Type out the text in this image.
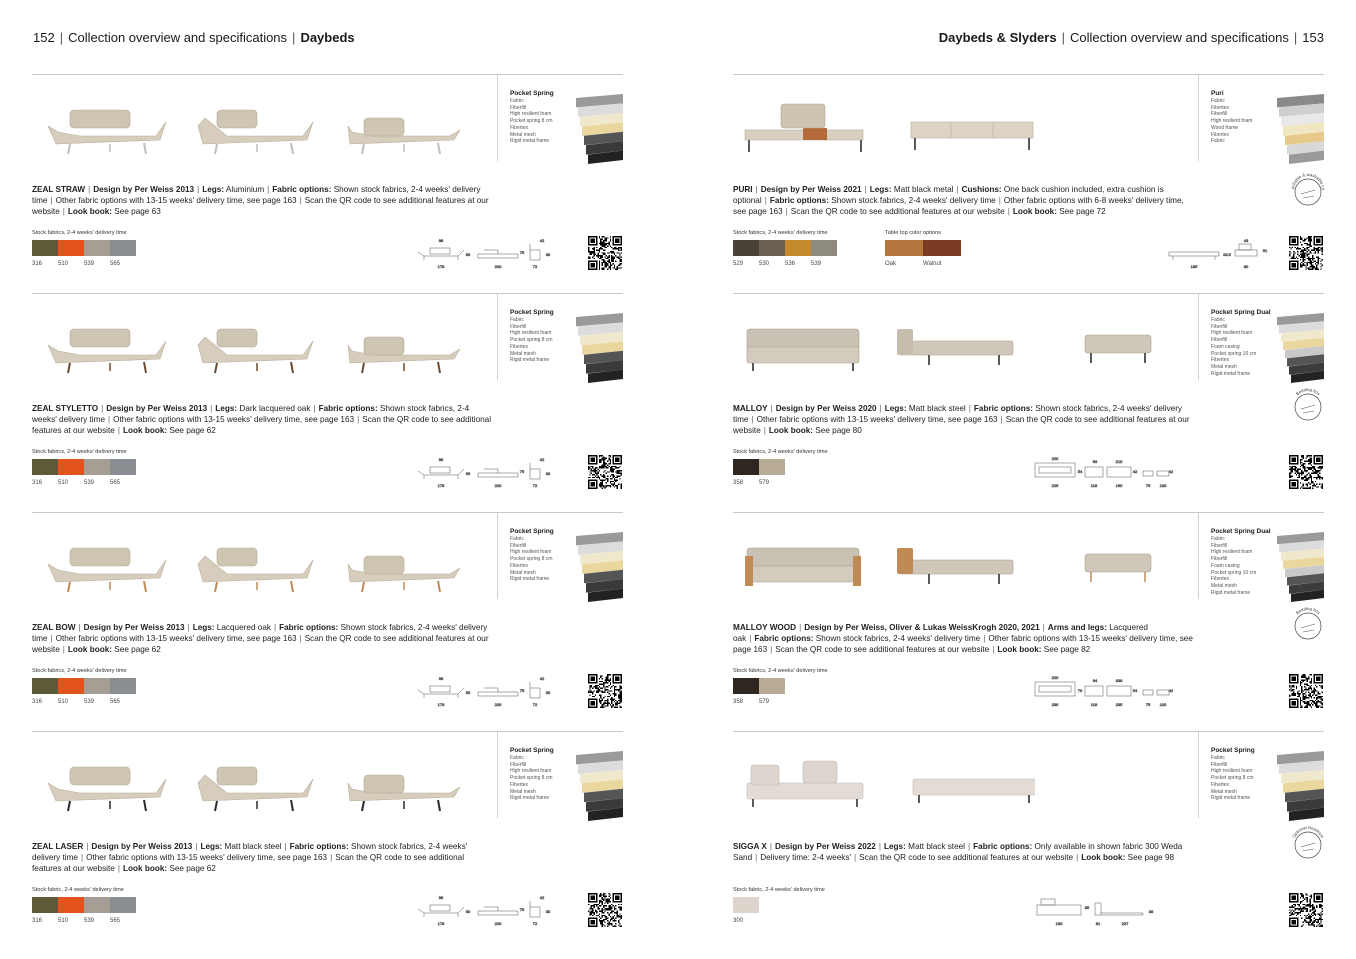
152 | Collection overview and specifications | Daybeds
Pocket Spring
Fabric
Fiberfill
High resilient foam
Pocket spring 8 cm
Fibertex
Metal mesh
Rigid metal frame
ZEAL STRAW | Design by Per Weiss 2013 | Legs: Aluminium | Fabric options: Shown stock fabrics, 2-4 weeks' delivery time | Other fabric options with 13-15 weeks' delivery time, see page 163 | Scan the QR code to see additional features at our website | Look book: See page 63
Stock fabrics, 2-4 weeks' delivery time
316	510	539	565
98
60
178	200
75
42
30
72
Pocket Spring
Fabric
Fiberfill
High resilient foam
Pocket spring 8 cm
Fibertex
Metal mesh
Rigid metal frame
ZEAL STYLETTO | Design by Per Weiss 2013 | Legs: Dark lacquered oak | Fabric options: Shown stock fabrics, 2-4 weeks' delivery time | Other fabric options with 13-15 weeks' delivery time, see page 163 | Scan the QR code to see additional features at our website | Look book: See page 62
Stock fabrics, 2-4 weeks' delivery time
316	510	539	565
98
60
178	200
75
42
30
72
Pocket Spring
Fabric
Fiberfill
High resilient foam
Pocket spring 8 cm
Fibertex
Metal mesh
Rigid metal frame
ZEAL BOW | Design by Per Weiss 2013 | Legs: Lacquered oak | Fabric options: Shown stock fabrics, 2-4 weeks' delivery time | Other fabric options with 13-15 weeks' delivery time, see page 163 | Scan the QR code to see additional features at our website | Look book: See page 62
Stock fabrics, 2-4 weeks' delivery time
316	510	539	565
98
60
178	200
75
42
30
72
Pocket Spring
Fabric
Fiberfill
High resilient foam
Pocket spring 8 cm
Fibertex
Metal mesh
Rigid metal frame
ZEAL LASER | Design by Per Weiss 2013 | Legs: Matt black steel | Fabric options: Shown stock fabrics, 2-4 weeks' delivery time | Other fabric options with 13-15 weeks' delivery time, see page 163 | Scan the QR code to see additional features at our website | Look book: See page 62
Stock fabric, 2-4 weeks' delivery time
316	510	539	565
98
60
178	200
75
42
30
72
Daybeds & Slyders | Collection overview and specifications | 153
Puri
Fabric
Fibertex
Fiberfill
High resilient foam
Wood frame
Fibertex
Fabric
PURI | Design by Per Weiss 2021 | Legs: Matt black metal | Cushions: One back cushion included, extra cushion is optional | Fabric options: Shown stock fabrics, 2-4 weeks' delivery time | Other fabric options with 6-8 weeks' delivery time, see page 163 | Scan the QR code to see additional features at our website | Look book: See page 72
Stock fabrics, 2-4 weeks' delivery time
529	530	536	539	195
33.5
43
80
61
Table top color options
Oak	Walnut
achable & washable co
Pocket Spring Dual
Fabric
Fiberfill
High resilient foam
Fiberfill
Foam casing
Pocket spring 10 cm
Fibertex
Metal mesh
Rigid metal frame
MALLOY | Design by Per Weiss 2020 | Legs: Matt black steel | Fabric options: Shown stock fabrics, 2-4 weeks' delivery time | Other fabric options with 13-15 weeks' delivery time, see page 163 | Scan the QR code to see additional features at our website | Look book: See page 80
Stock fabrics, 2-4 weeks' delivery time
358	579
200
225
54
93
118
210
160
42
75 100
42
Bedding box
Pocket Spring Dual
Fabric
Fiberfill
High resilient foam
Fiberfill
Foam casing
Pocket spring 10 cm
Fibertex
Metal mesh
Rigid metal frame
MALLOY WOOD | Design by Per Weiss, Oliver & Lukas WeissKrogh 2020, 2021 | Arms and legs: Lacquered oak | Fabric options: Shown stock fabrics, 2-4 weeks' delivery time | Other fabric options with 13-15 weeks' delivery time, see page 163 | Scan the QR code to see additional features at our website | Look book: See page 82
Stock fabrics, 2-4 weeks' delivery time
358	579
200
230
70
64
118
338
235
54
75 100
42
Bedding box
Pocket Spring
Fabric
Fiberfill
High resilient foam
Pocket spring 8 cm
Fibertex
Metal mesh
Rigid metal frame
SIGGA X | Design by Per Weiss 2022 | Legs: Matt black steel | Fabric options: Only available in shown fabric 300 Weda Sand | Delivery time: 2-4 weeks' | Scan the QR code to see additional features at our website | Look book: See page 98
Stock fabric, 2-4 weeks' delivery time
300	190
85
91	237
38
Optional Headrest
